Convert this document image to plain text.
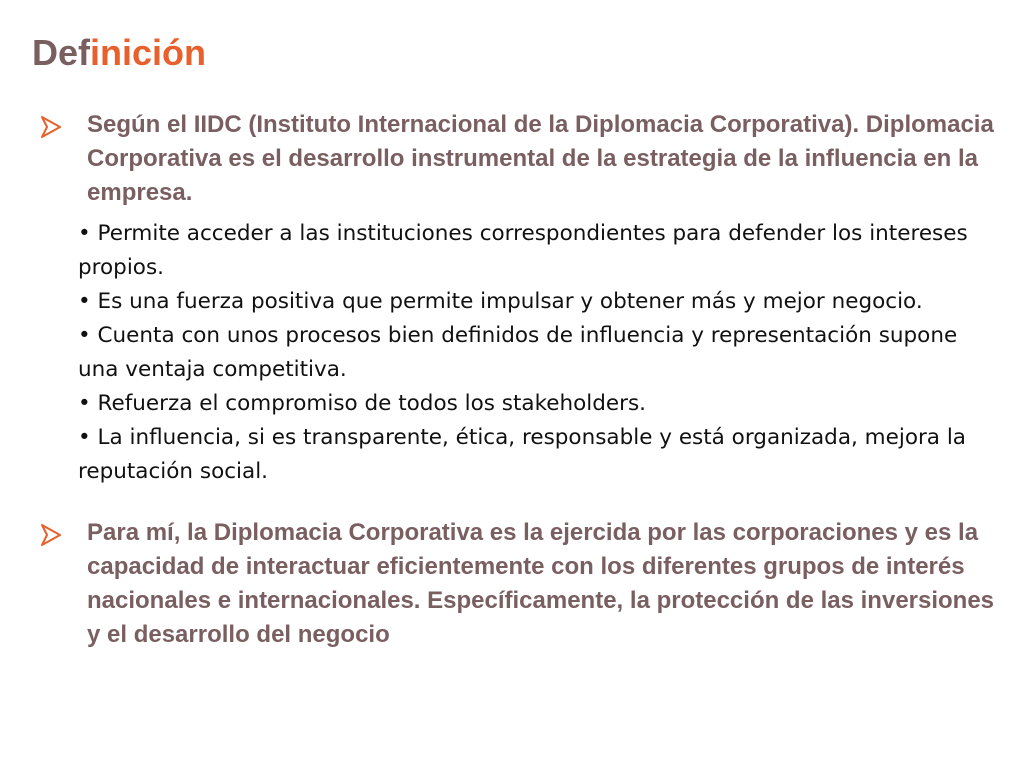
Definición

Según el IIDC (Instituto Internacional de la Diplomacia Corporativa). Diplomacia Corporativa es el desarrollo instrumental de la estrategia de la influencia en la empresa.

• Permite acceder a las instituciones correspondientes para defender los intereses propios.
• Es una fuerza positiva que permite impulsar y obtener más y mejor negocio.
• Cuenta con unos procesos bien definidos de influencia y representación supone una ventaja competitiva.
• Refuerza el compromiso de todos los stakeholders.
• La influencia, si es transparente, ética, responsable y está organizada, mejora la reputación social.

Para mí, la Diplomacia Corporativa es la ejercida por las corporaciones y es la capacidad de interactuar eficientemente con los diferentes grupos de interés nacionales e internacionales. Específicamente, la protección de las inversiones y el desarrollo del negocio
